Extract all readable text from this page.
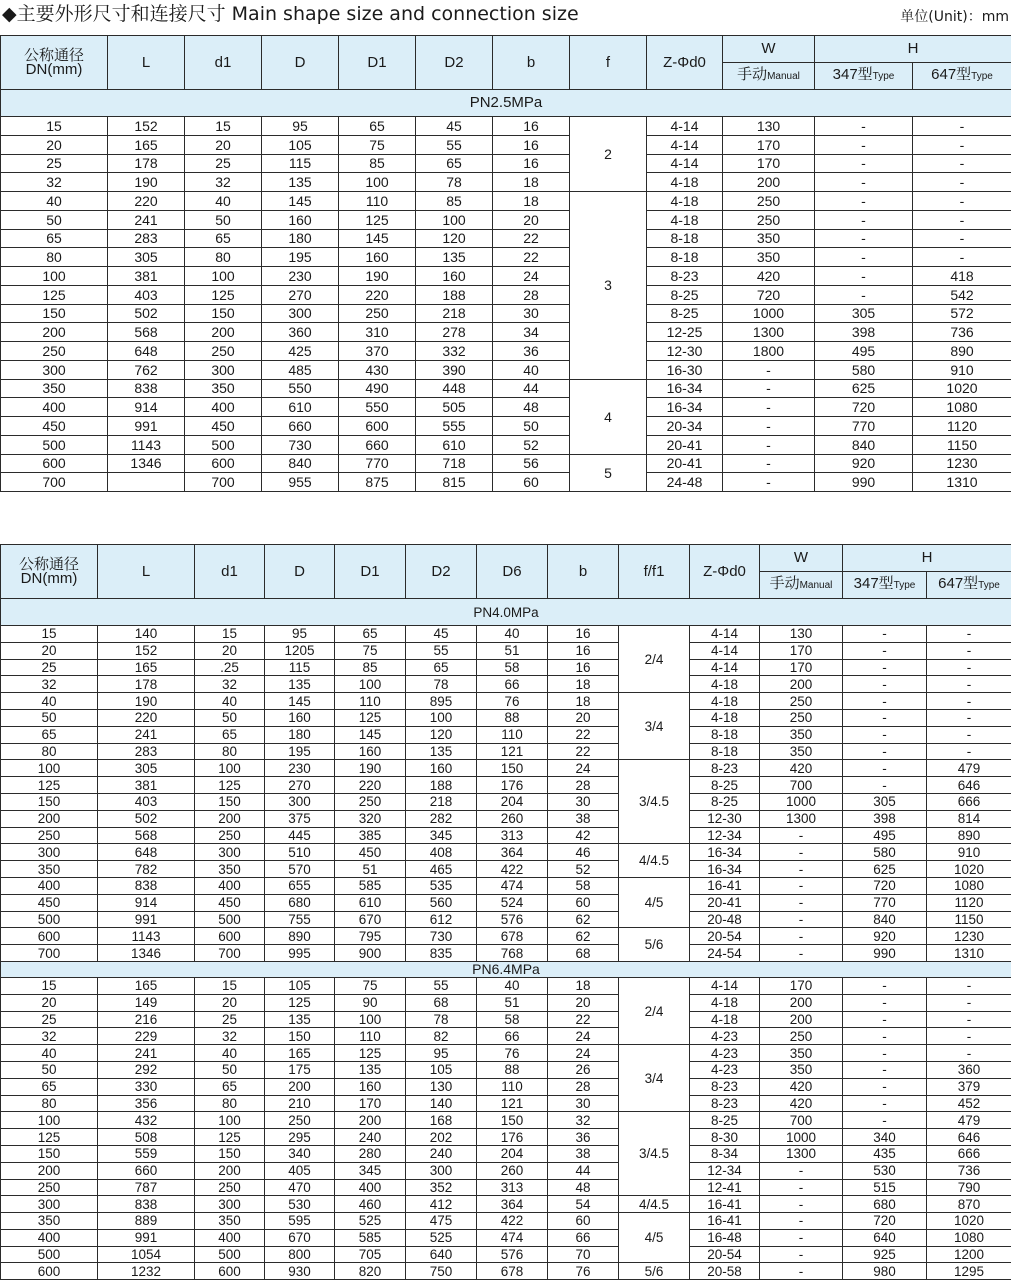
◆主要外形尺寸和连接尺寸 Main shape size and connection size	单位(Unit)：mm
公称通径
DN(mm)	L	d1	D	D1	D2	b	f	Z-Φd0	W	H	
									手动Manual	347型Type	647型Type
PN2.5MPa											
15	152	15	95	65	45	16	2	4-14	130	-	-
20	165	20	105	75	55	16		4-14	170	-	-
25	178	25	115	85	65	16		4-14	170	-	-
32	190	32	135	100	78	18		4-18	200	-	-
40	220	40	145	110	85	18	3	4-18	250	-	-
50	241	50	160	125	100	20		4-18	250	-	-
65	283	65	180	145	120	22		8-18	350	-	-
80	305	80	195	160	135	22		8-18	350	-	-
100	381	100	230	190	160	24		8-23	420	-	418
125	403	125	270	220	188	28		8-25	720	-	542
150	502	150	300	250	218	30		8-25	1000	305	572
200	568	200	360	310	278	34		12-25	1300	398	736
250	648	250	425	370	332	36		12-30	1800	495	890
300	762	300	485	430	390	40		16-30	-	580	910
350	838	350	550	490	448	44	4	16-34	-	625	1020
400	914	400	610	550	505	48		16-34	-	720	1080
450	991	450	660	600	555	50		20-34	-	770	1120
500	1143	500	730	660	610	52		20-41	-	840	1150
600	1346	600	840	770	718	56	5	20-41	-	920	1230
700		700	955	875	815	60		24-48	-	990	1310
公称通径
DN(mm)	L	d1	D	D1	D2	D6	b	f/f1	Z-Φd0	W	H	
										手动Manual	347型Type	647型Type
PN4.0MPa												
15	140	15	95	65	45	40	16	2/4	4-14	130	-	-
20	152	20	1205	75	55	51	16		4-14	170	-	-
25	165	.25	115	85	65	58	16		4-14	170	-	-
32	178	32	135	100	78	66	18		4-18	200	-	-
40	190	40	145	110	895	76	18	3/4	4-18	250	-	-
50	220	50	160	125	100	88	20		4-18	250	-	-
65	241	65	180	145	120	110	22		8-18	350	-	-
80	283	80	195	160	135	121	22		8-18	350	-	-
100	305	100	230	190	160	150	24	3/4.5	8-23	420	-	479
125	381	125	270	220	188	176	28		8-25	700	-	646
150	403	150	300	250	218	204	30		8-25	1000	305	666
200	502	200	375	320	282	260	38		12-30	1300	398	814
250	568	250	445	385	345	313	42		12-34	-	495	890
300	648	300	510	450	408	364	46	4/4.5	16-34	-	580	910
350	782	350	570	51	465	422	52		16-34	-	625	1020
400	838	400	655	585	535	474	58	4/5	16-41	-	720	1080
450	914	450	680	610	560	524	60		20-41	-	770	1120
500	991	500	755	670	612	576	62		20-48	-	840	1150
600	1143	600	890	795	730	678	62	5/6	20-54	-	920	1230
700	1346	700	995	900	835	768	68		24-54	-	990	1310
PN6.4MPa												
15	165	15	105	75	55	40	18	2/4	4-14	170	-	-
20	149	20	125	90	68	51	20		4-18	200	-	-
25	216	25	135	100	78	58	22		4-18	200	-	-
32	229	32	150	110	82	66	24		4-23	250	-	-
40	241	40	165	125	95	76	24	3/4	4-23	350	-	-
50	292	50	175	135	105	88	26		4-23	350	-	360
65	330	65	200	160	130	110	28		8-23	420	-	379
80	356	80	210	170	140	121	30		8-23	420	-	452
100	432	100	250	200	168	150	32	3/4.5	8-25	700	-	479
125	508	125	295	240	202	176	36		8-30	1000	340	646
150	559	150	340	280	240	204	38		8-34	1300	435	666
200	660	200	405	345	300	260	44		12-34	-	530	736
250	787	250	470	400	352	313	48		12-41	-	515	790
300	838	300	530	460	412	364	54	4/4.5	16-41	-	680	870
350	889	350	595	525	475	422	60	4/5	16-41	-	720	1020
400	991	400	670	585	525	474	66		16-48	-	640	1080
500	1054	500	800	705	640	576	70		20-54	-	925	1200
600	1232	600	930	820	750	678	76	5/6	20-58	-	980	1295
